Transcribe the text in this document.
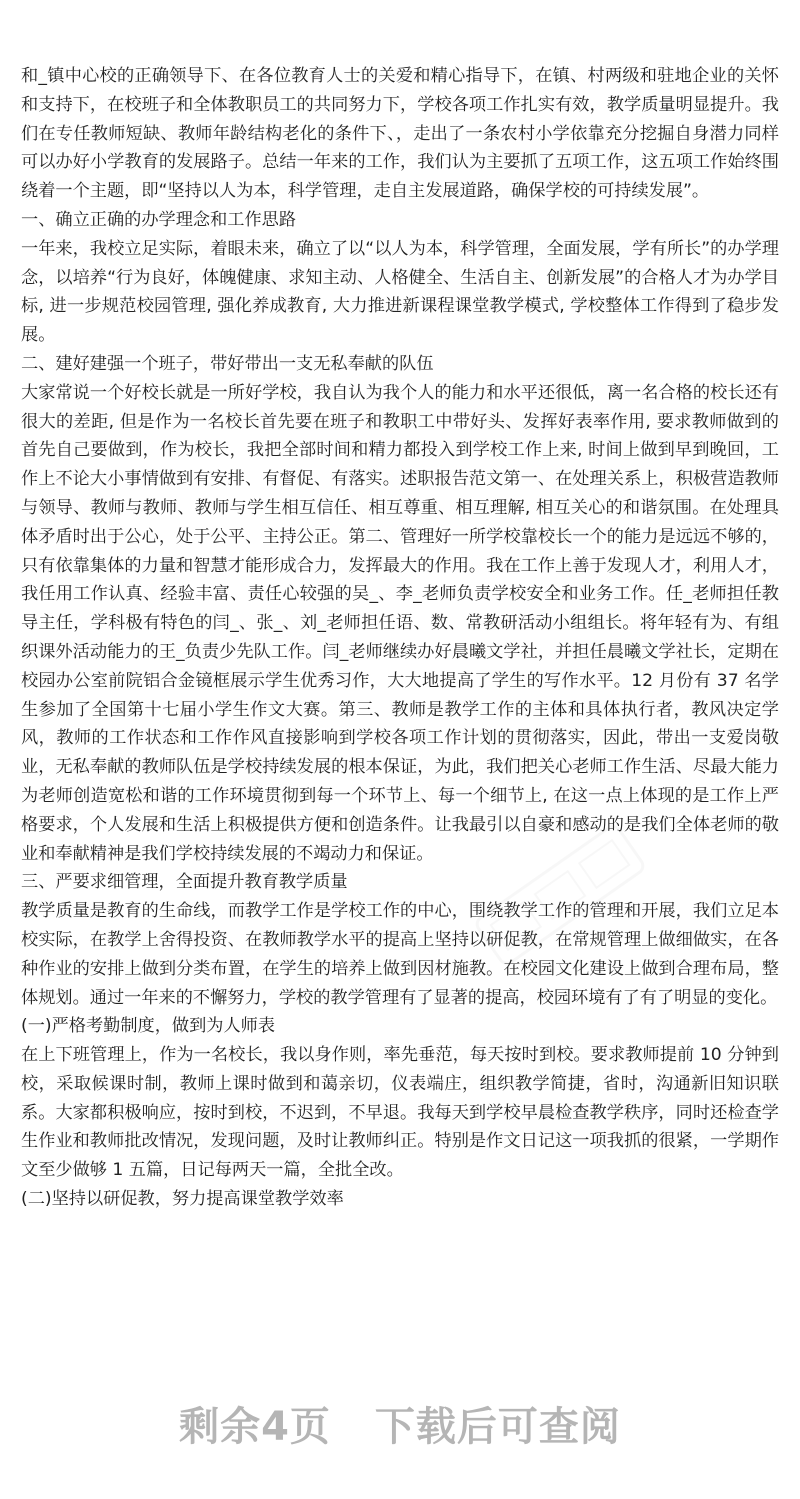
和_镇中心校的正确领导下、在各位教育人士的关爱和精心指导下，在镇、村两级和驻地企业的关怀和支持下，在校班子和全体教职员工的共同努力下，学校各项工作扎实有效，教学质量明显提升。我们在专任教师短缺、教师年龄结构老化的条件下、，走出了一条农村小学依靠充分挖掘自身潜力同样可以办好小学教育的发展路子。总结一年来的工作，我们认为主要抓了五项工作，这五项工作始终围绕着一个主题，即“坚持以人为本，科学管理，走自主发展道路，确保学校的可持续发展”。

一、确立正确的办学理念和工作思路

一年来，我校立足实际，着眼未来，确立了以“以人为本，科学管理，全面发展，学有所长”的办学理念，以培养“行为良好，体魄健康、求知主动、人格健全、生活自主、创新发展”的合格人才为办学目标, 进一步规范校园管理, 强化养成教育, 大力推进新课程课堂教学模式, 学校整体工作得到了稳步发展。

二、建好建强一个班子，带好带出一支无私奉献的队伍

大家常说一个好校长就是一所好学校，我自认为我个人的能力和水平还很低，离一名合格的校长还有很大的差距, 但是作为一名校长首先要在班子和教职工中带好头、发挥好表率作用, 要求教师做到的首先自己要做到，作为校长，我把全部时间和精力都投入到学校工作上来, 时间上做到早到晚回，工作上不论大小事情做到有安排、有督促、有落实。述职报告范文第一、在处理关系上，积极营造教师与领导、教师与教师、教师与学生相互信任、相互尊重、相互理解, 相互关心的和谐氛围。在处理具体矛盾时出于公心，处于公平、主持公正。第二、管理好一所学校靠校长一个的能力是远远不够的，只有依靠集体的力量和智慧才能形成合力，发挥最大的作用。我在工作上善于发现人才，利用人才，我任用工作认真、经验丰富、责任心较强的吴_、李_老师负责学校安全和业务工作。任_老师担任教导主任，学科极有特色的闫_、张_、刘_老师担任语、数、常教研活动小组组长。将年轻有为、有组织课外活动能力的王_负责少先队工作。闫_老师继续办好晨曦文学社，并担任晨曦文学社长，定期在校园办公室前院铝合金镜框展示学生优秀习作，大大地提高了学生的写作水平。12 月份有 37 名学生参加了全国第十七届小学生作文大赛。第三、教师是教学工作的主体和具体执行者，教风决定学风，教师的工作状态和工作作风直接影响到学校各项工作计划的贯彻落实，因此，带出一支爱岗敬业，无私奉献的教师队伍是学校持续发展的根本保证，为此，我们把关心老师工作生活、尽最大能力为老师创造宽松和谐的工作环境贯彻到每一个环节上、每一个细节上, 在这一点上体现的是工作上严格要求，个人发展和生活上积极提供方便和创造条件。让我最引以自豪和感动的是我们全体老师的敬业和奉献精神是我们学校持续发展的不竭动力和保证。

三、严要求细管理，全面提升教育教学质量

教学质量是教育的生命线，而教学工作是学校工作的中心，围绕教学工作的管理和开展，我们立足本校实际，在教学上舍得投资、在教师教学水平的提高上坚持以研促教，在常规管理上做细做实，在各种作业的安排上做到分类布置，在学生的培养上做到因材施教。在校园文化建设上做到合理布局，整体规划。通过一年来的不懈努力，学校的教学管理有了显著的提高，校园环境有了有了明显的变化。

(一)严格考勤制度，做到为人师表

在上下班管理上，作为一名校长，我以身作则，率先垂范，每天按时到校。要求教师提前 10 分钟到校，采取候课时制，教师上课时做到和蔼亲切，仪表端庄，组织教学简捷，省时，沟通新旧知识联系。大家都积极响应，按时到校，不迟到，不早退。我每天到学校早晨检查教学秩序，同时还检查学生作业和教师批改情况，发现问题，及时让教师纠正。特别是作文日记这一项我抓的很紧，一学期作文至少做够 1 五篇，日记每两天一篇，全批全改。

(二)坚持以研促教，努力提高课堂教学效率

剩余4页 下载后可查阅
